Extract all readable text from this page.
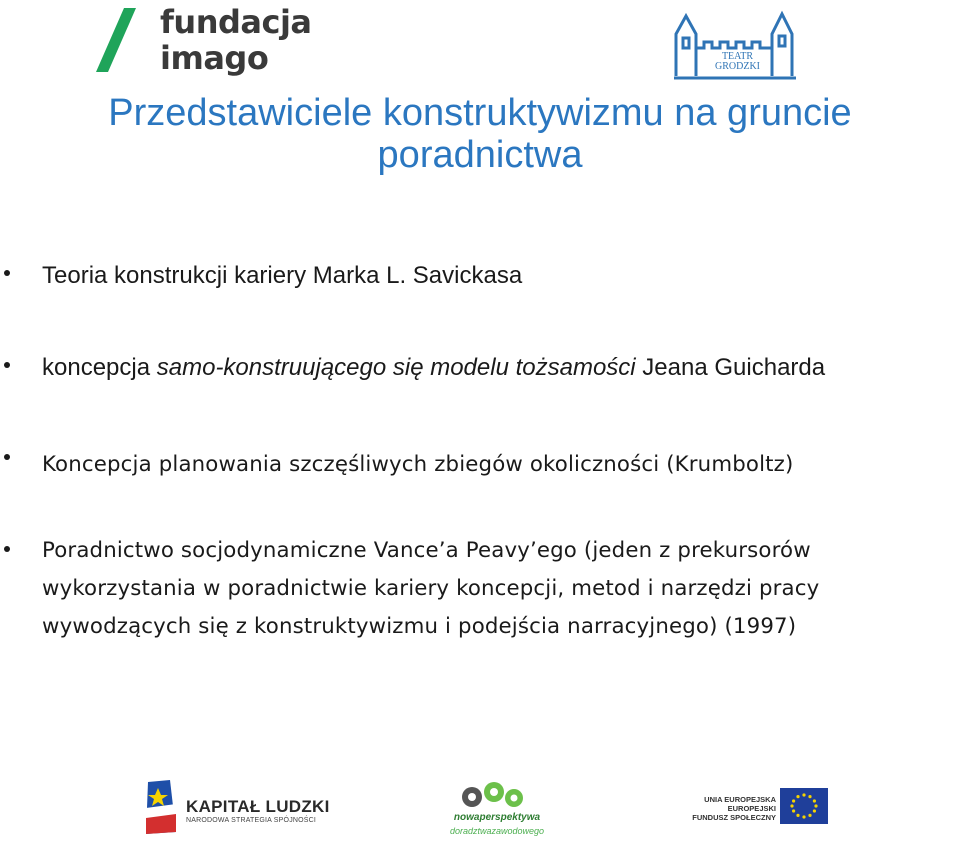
fundacja
imago	TEATR
GRODZKI
Przedstawiciele konstruktywizmu na gruncie
poradnictwa
Teoria konstrukcji kariery Marka L. Savickasa
koncepcja samo-konstruującego się modelu tożsamości Jeana Guicharda
Koncepcja planowania szczęśliwych zbiegów okoliczności (Krumboltz)
Poradnictwo socjodynamiczne Vance’a Peavy’ego (jeden z prekursorów wykorzystania w poradnictwie kariery koncepcji, metod i narzędzi pracy wywodzących się z konstruktywizmu i podejścia narracyjnego) (1997)
KAPITAŁ LUDZKI
NARODOWA STRATEGIA SPÓJNOŚCI	nowaperspektywa
doradztwazawodowego
UNIA EUROPEJSKA
EUROPEJSKI
FUNDUSZ SPOŁECZNY
